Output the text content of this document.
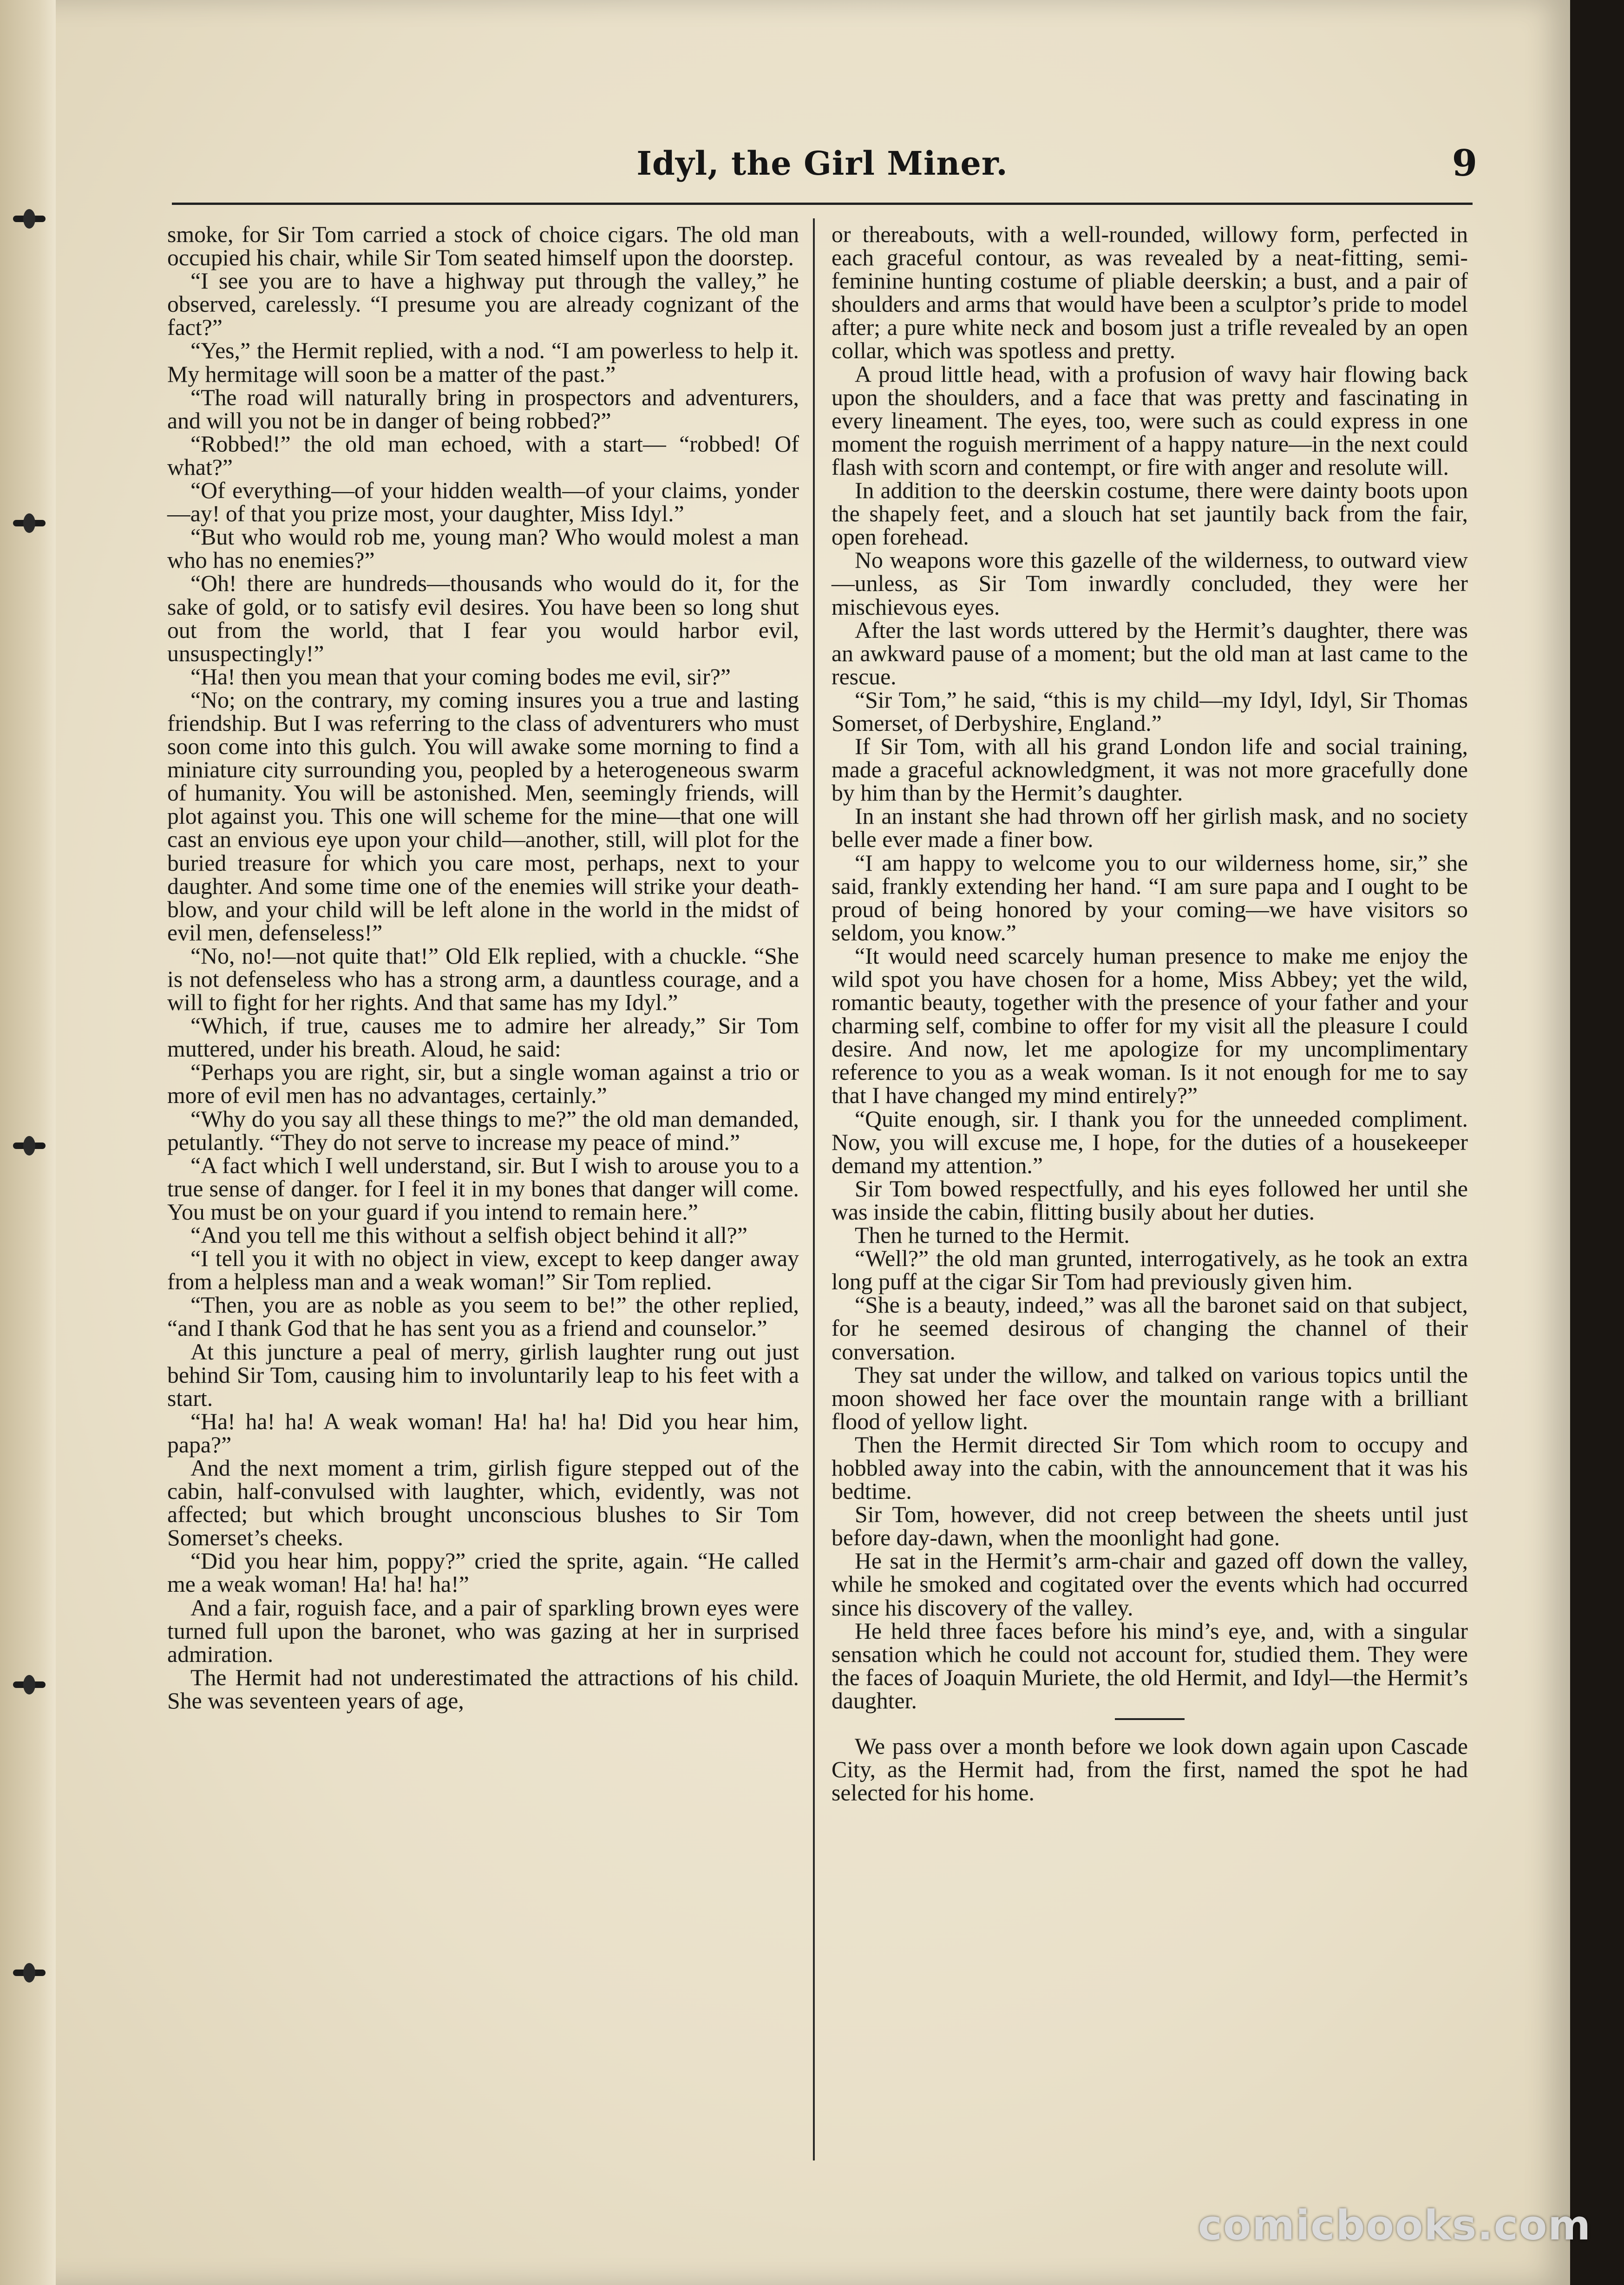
Idyl, the Girl Miner.	9

smoke, for Sir Tom carried a stock of choice cigars. The old man occupied his chair, while Sir Tom seated himself upon the doorstep.

“I see you are to have a highway put through the valley,” he observed, carelessly. “I presume you are already cognizant of the fact?”

“Yes,” the Hermit replied, with a nod. “I am powerless to help it. My hermitage will soon be a matter of the past.”

“The road will naturally bring in prospectors and adventurers, and will you not be in danger of being robbed?”

“Robbed!” the old man echoed, with a start— “robbed! Of what?”

“Of everything—of your hidden wealth—of your claims, yonder—ay! of that you prize most, your daughter, Miss Idyl.”

“But who would rob me, young man? Who would molest a man who has no enemies?”

“Oh! there are hundreds—thousands who would do it, for the sake of gold, or to satisfy evil desires. You have been so long shut out from the world, that I fear you would harbor evil, unsuspectingly!”

“Ha! then you mean that your coming bodes me evil, sir?”

“No; on the contrary, my coming insures you a true and lasting friendship. But I was referring to the class of adventurers who must soon come into this gulch. You will awake some morning to find a miniature city surrounding you, peopled by a heterogeneous swarm of humanity. You will be astonished. Men, seemingly friends, will plot against you. This one will scheme for the mine—that one will cast an envious eye upon your child—another, still, will plot for the buried treasure for which you care most, perhaps, next to your daughter. And some time one of the enemies will strike your death-blow, and your child will be left alone in the world in the midst of evil men, defenseless!”

“No, no!—not quite that!” Old Elk replied, with a chuckle. “She is not defenseless who has a strong arm, a dauntless courage, and a will to fight for her rights. And that same has my Idyl.”

“Which, if true, causes me to admire her already,” Sir Tom muttered, under his breath. Aloud, he said:

“Perhaps you are right, sir, but a single woman against a trio or more of evil men has no advantages, certainly.”

“Why do you say all these things to me?” the old man demanded, petulantly. “They do not serve to increase my peace of mind.”

“A fact which I well understand, sir. But I wish to arouse you to a true sense of danger. for I feel it in my bones that danger will come. You must be on your guard if you intend to remain here.”

“And you tell me this without a selfish object behind it all?”

“I tell you it with no object in view, except to keep danger away from a helpless man and a weak woman!” Sir Tom replied.

“Then, you are as noble as you seem to be!” the other replied, “and I thank God that he has sent you as a friend and counselor.”

At this juncture a peal of merry, girlish laughter rung out just behind Sir Tom, causing him to involuntarily leap to his feet with a start.

“Ha! ha! ha! A weak woman! Ha! ha! ha! Did you hear him, papa?”

And the next moment a trim, girlish figure stepped out of the cabin, half-convulsed with laughter, which, evidently, was not affected; but which brought unconscious blushes to Sir Tom Somerset’s cheeks.

“Did you hear him, poppy?” cried the sprite, again. “He called me a weak woman! Ha! ha! ha!”

And a fair, roguish face, and a pair of sparkling brown eyes were turned full upon the baronet, who was gazing at her in surprised admiration.

The Hermit had not underestimated the attractions of his child. She was seventeen years of age,

or thereabouts, with a well-rounded, willowy form, perfected in each graceful contour, as was revealed by a neat-fitting, semi-feminine hunting costume of pliable deerskin; a bust, and a pair of shoulders and arms that would have been a sculptor’s pride to model after; a pure white neck and bosom just a trifle revealed by an open collar, which was spotless and pretty.

A proud little head, with a profusion of wavy hair flowing back upon the shoulders, and a face that was pretty and fascinating in every lineament. The eyes, too, were such as could express in one moment the roguish merriment of a happy nature—in the next could flash with scorn and contempt, or fire with anger and resolute will.

In addition to the deerskin costume, there were dainty boots upon the shapely feet, and a slouch hat set jauntily back from the fair, open forehead.

No weapons wore this gazelle of the wilderness, to outward view—unless, as Sir Tom inwardly concluded, they were her mischievous eyes.

After the last words uttered by the Hermit’s daughter, there was an awkward pause of a moment; but the old man at last came to the rescue.

“Sir Tom,” he said, “this is my child—my Idyl, Idyl, Sir Thomas Somerset, of Derbyshire, England.”

If Sir Tom, with all his grand London life and social training, made a graceful acknowledgment, it was not more gracefully done by him than by the Hermit’s daughter.

In an instant she had thrown off her girlish mask, and no society belle ever made a finer bow.

“I am happy to welcome you to our wilderness home, sir,” she said, frankly extending her hand. “I am sure papa and I ought to be proud of being honored by your coming—we have visitors so seldom, you know.”

“It would need scarcely human presence to make me enjoy the wild spot you have chosen for a home, Miss Abbey; yet the wild, romantic beauty, together with the presence of your father and your charming self, combine to offer for my visit all the pleasure I could desire. And now, let me apologize for my uncomplimentary reference to you as a weak woman. Is it not enough for me to say that I have changed my mind entirely?”

“Quite enough, sir. I thank you for the unneeded compliment. Now, you will excuse me, I hope, for the duties of a housekeeper demand my attention.”

Sir Tom bowed respectfully, and his eyes followed her until she was inside the cabin, flitting busily about her duties.

Then he turned to the Hermit.

“Well?” the old man grunted, interrogatively, as he took an extra long puff at the cigar Sir Tom had previously given him.

“She is a beauty, indeed,” was all the baronet said on that subject, for he seemed desirous of changing the channel of their conversation.

They sat under the willow, and talked on various topics until the moon showed her face over the mountain range with a brilliant flood of yellow light.

Then the Hermit directed Sir Tom which room to occupy and hobbled away into the cabin, with the announcement that it was his bedtime.

Sir Tom, however, did not creep between the sheets until just before day-dawn, when the moonlight had gone.

He sat in the Hermit’s arm-chair and gazed off down the valley, while he smoked and cogitated over the events which had occurred since his discovery of the valley.

He held three faces before his mind’s eye, and, with a singular sensation which he could not account for, studied them. They were the faces of Joaquin Muriete, the old Hermit, and Idyl—the Hermit’s daughter.

We pass over a month before we look down again upon Cascade City, as the Hermit had, from the first, named the spot he had selected for his home.

comicbooks.com
